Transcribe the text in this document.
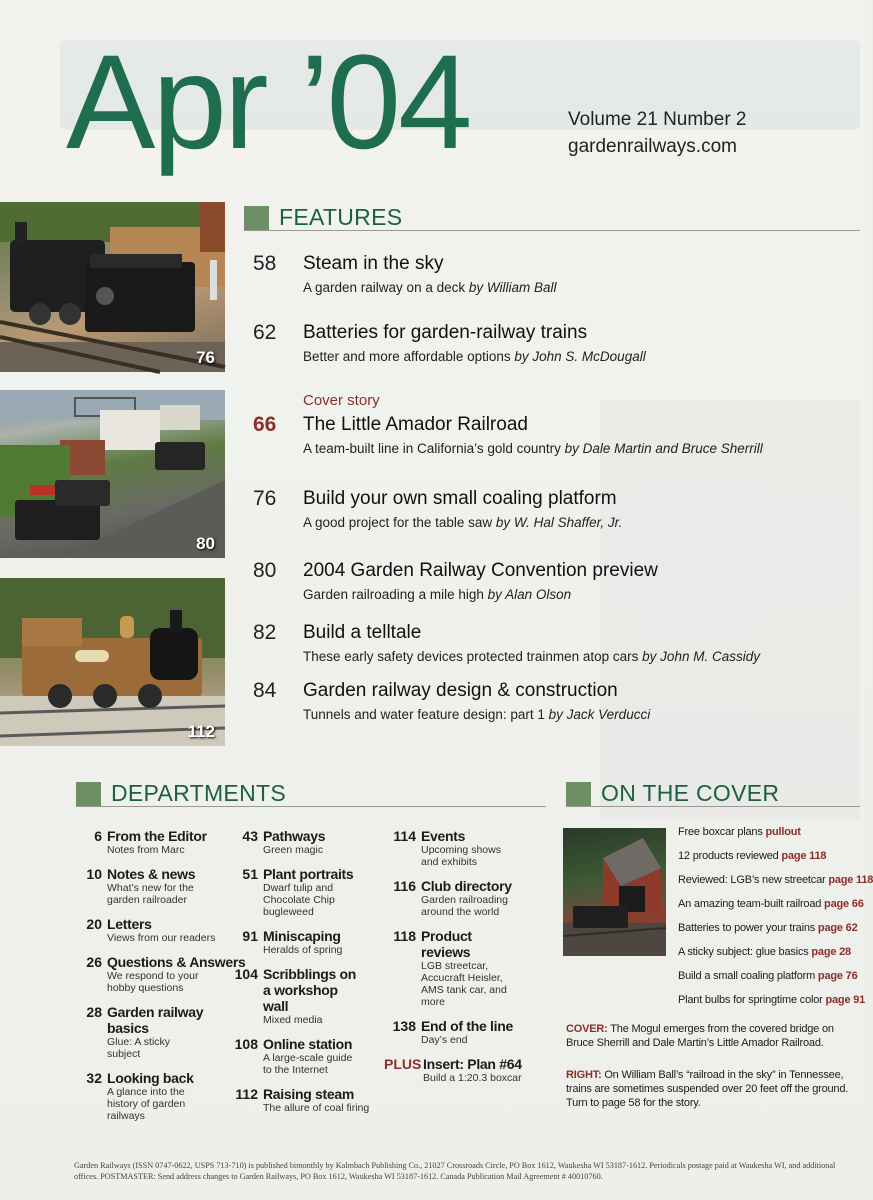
Apr ’04	Volume 21 Number 2
gardenrailways.com
76
80
112
FEATURES
58 Steam in the sky
A garden railway on a deck by William Ball
62 Batteries for garden-railway trains
Better and more affordable options by John S. McDougall
Cover story
66 The Little Amador Railroad
A team-built line in California’s gold country by Dale Martin and Bruce Sherrill
76 Build your own small coaling platform
A good project for the table saw by W. Hal Shaffer, Jr.
80 2004 Garden Railway Convention preview
Garden railroading a mile high by Alan Olson
82 Build a telltale
These early safety devices protected trainmen atop cars by John M. Cassidy
84 Garden railway design & construction
Tunnels and water feature design: part 1 by Jack Verducci
DEPARTMENTS
6 From the Editor
Notes from Marc
10 Notes & news
What’s new for the garden railroader
20 Letters
Views from our readers
26 Questions & Answers
We respond to your hobby questions
28 Garden railway basics
Glue: A sticky subject
32 Looking back
A glance into the history of garden railways
43 Pathways
Green magic
51 Plant portraits
Dwarf tulip and Chocolate Chip bugleweed
91 Miniscaping
Heralds of spring
104 Scribblings on a workshop wall
Mixed media
108 Online station
A large-scale guide to the Internet
112 Raising steam
The allure of coal firing
114 Events
Upcoming shows and exhibits
116 Club directory
Garden railroading around the world
118 Product reviews
LGB streetcar, Accucraft Heisler, AMS tank car, and more
138 End of the line
Day’s end
PLUS Insert: Plan #64
Build a 1:20.3 boxcar
ON THE COVER
Free boxcar plans pullout
12 products reviewed page 118
Reviewed: LGB’s new streetcar page 118
An amazing team-built railroad page 66
Batteries to power your trains page 62
A sticky subject: glue basics page 28
Build a small coaling platform page 76
Plant bulbs for springtime color page 91
COVER: The Mogul emerges from the covered bridge on Bruce Sherrill and Dale Martin’s Little Amador Railroad.
RIGHT: On William Ball’s “railroad in the sky” in Tennessee, trains are sometimes suspended over 20 feet off the ground. Turn to page 58 for the story.
Garden Railways (ISSN 0747-0622, USPS 713-710) is published bimonthly by Kalmbach Publishing Co., 21027 Crossroads Circle, PO Box 1612, Waukesha WI 53187-1612. Periodicals postage paid at Waukesha WI, and additional offices. POSTMASTER: Send address changes to Garden Railways, PO Box 1612, Waukesha WI 53187-1612. Canada Publication Mail Agreement # 40010760.
